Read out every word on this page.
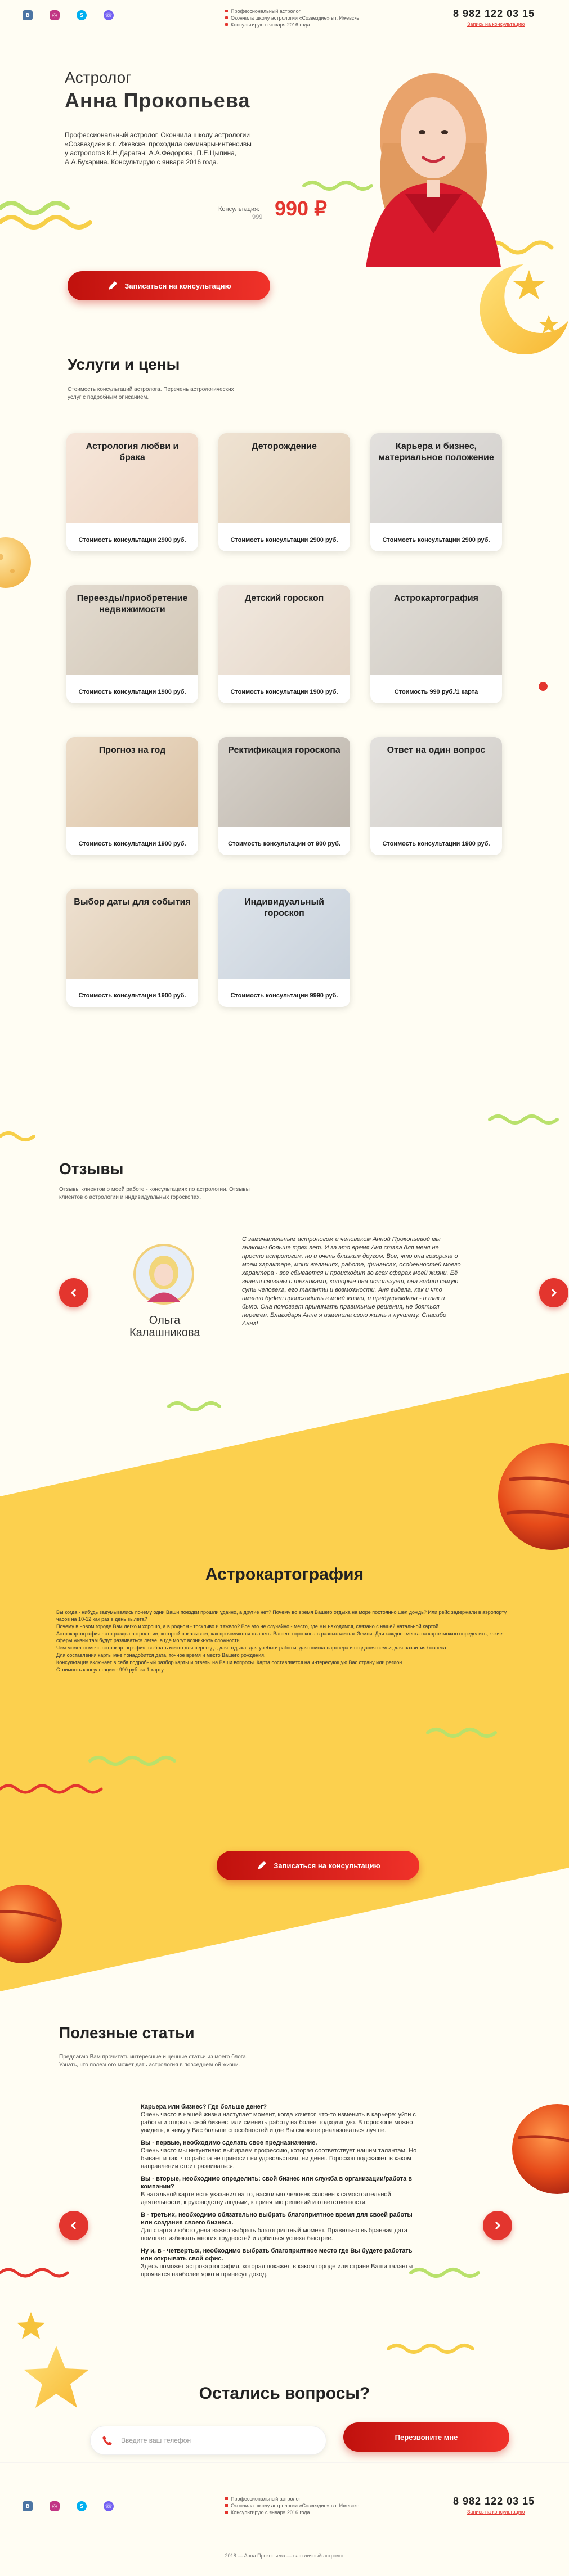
В	◎	S	☏
Профессиональный астролог
Окончила школу астрологии «Созвездие» в г. Ижевске
Консультирую с января 2016 года
8 982 122 03 15
Запись на консультацию
Астролог
Анна Прокопьева
Профессиональный астролог. Окончила школу астрологии «Созвездие» в г. Ижевске, проходила семинары-интенсивы у астрологов К.Н.Дараган, А.А.Фёдорова, П.Е.Цыпина, А.А.Бухарина. Консультирую с января 2016 года.
Консультация:
999 990 ₽
Записаться на консультацию
Услуги и цены
Стоимость консультаций астролога. Перечень астрологических услуг с подробным описанием.
Астрология любви и брака
Стоимость консультации 2900 руб.
Деторождение
Стоимость консультации 2900 руб.
Карьера и бизнес, материальное положение
Стоимость консультации 2900 руб.
Переезды/приобретение недвижимости
Стоимость консультации 1900 руб.
Детский гороскоп
Стоимость консультации 1900 руб.
Астрокартография
Стоимость 990 руб./1 карта
Прогноз на год
Стоимость консультации 1900 руб.
Ректификация гороскопа
Стоимость консультации от 900 руб.
Ответ на один вопрос
Стоимость консультации 1900 руб.
Выбор даты для события
Стоимость консультации 1900 руб.
Индивидуальный гороскоп
Стоимость консультации 9990 руб.
Отзывы
Отзывы клиентов о моей работе - консультациях по астрологии. Отзывы клиентов о астрологии и индивидуальных гороскопах.
Ольга Калашникова
С замечательным астрологом и человеком Анной Прокопьевой мы знакомы больше трех лет. И за это время Аня стала для меня не просто астрологом, но и очень близким другом. Все, что она говорила о моем характере, моих желаниях, работе, финансах, особенностей моего характера - все сбывается и происходит во всех сферах моей жизни. Её знания связаны с техниками, которые она использует, она видит самую суть человека, его таланты и возможности. Аня видела, как и что именно будет происходить в моей жизни, и предупреждала - и так и было. Она помогает принимать правильные решения, не бояться перемен. Благодаря Анне я изменила свою жизнь к лучшему. Спасибо Анна!
Астрокартография

Вы когда - нибудь задумывались почему одни Ваши поездки прошли удачно, а другие нет? Почему во время Вашего отдыха на море постоянно шел дождь? Или рейс задержали в аэропорту часов на 10-12 как раз в день вылета?

Почему в новом городе Вам легко и хорошо, а в родном - тоскливо и тяжело? Все это не случайно - место, где мы находимся, связано с нашей натальной картой.

Астрокартография - это раздел астрологии, который показывает, как проявляются планеты Вашего гороскопа в разных местах Земли. Для каждого места на карте можно определить, какие сферы жизни там будут развиваться легче, а где могут возникнуть сложности.

Чем может помочь астрокартография: выбрать место для переезда, для отдыха, для учебы и работы, для поиска партнера и создания семьи, для развития бизнеса.

Для составления карты мне понадобится дата, точное время и место Вашего рождения.

Консультация включает в себя подробный разбор карты и ответы на Ваши вопросы. Карта составляется на интересующую Вас страну или регион.

Стоимость консультации - 990 руб. за 1 карту.

Записаться на консультацию
Полезные статьи
Предлагаю Вам прочитать интересные и ценные статьи из моего блога. Узнать, что полезного может дать астрология в повседневной жизни.

Карьера или бизнес? Где больше денег?
Очень часто в нашей жизни наступает момент, когда хочется что-то изменить в карьере: уйти с работы и открыть свой бизнес, или сменить работу на более подходящую. В гороскопе можно увидеть, к чему у Вас больше способностей и где Вы сможете реализоваться лучше.

Вы - первые, необходимо сделать свое предназначение.
Очень часто мы интуитивно выбираем профессию, которая соответствует нашим талантам. Но бывает и так, что работа не приносит ни удовольствия, ни денег. Гороскоп подскажет, в каком направлении стоит развиваться.

Вы - вторые, необходимо определить: свой бизнес или служба в организации/работа в компании?
В натальной карте есть указания на то, насколько человек склонен к самостоятельной деятельности, к руководству людьми, к принятию решений и ответственности.

В - третьих, необходимо обязательно выбрать благоприятное время для своей работы или создания своего бизнеса.
Для старта любого дела важно выбрать благоприятный момент. Правильно выбранная дата помогает избежать многих трудностей и добиться успеха быстрее.

Ну и, в - четвертых, необходимо выбрать благоприятное место где Вы будете работать или открывать свой офис.
Здесь поможет астрокартография, которая покажет, в каком городе или стране Ваши таланты проявятся наиболее ярко и принесут доход.

Остались вопросы?
Введите ваш телефон	Перезвоните мне
В	◎	S	☏
Профессиональный астролог
Окончила школу астрологии «Созвездие» в г. Ижевске
Консультирую с января 2016 года
8 982 122 03 15
Запись на консультацию
2018 — Анна Прокопьева — ваш личный астролог
